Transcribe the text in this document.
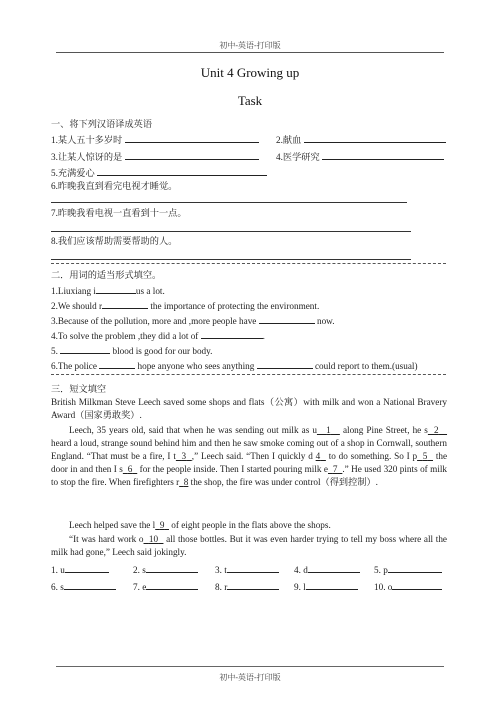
初中-英语-打印版
Unit 4 Growing up
Task
一、将下列汉语译成英语
1.某人五十多岁时	2.献血
3.让某人惊讶的是	4.医学研究
5.充满爱心
6.昨晚我直到看完电视才睡觉。
7.昨晚我看电视一直看到十一点。
8.我们应该帮助需要帮助的人。
二．用词的适当形式填空。
1.Liuxiang i	us a lot.
2.We should r	the importance of protecting the environment.
3.Because of the pollution, more and ,more people have	now.
4.To solve the problem ,they did a lot of	.
5.	blood is good for our body.
6.The police	hope anyone who sees anything	could report to them.(usual)
三．短文填空
British Milkman Steve Leech saved some shops and flats（公寓）with milk and won a National Bravery Award（国家勇敢奖）.
Leech, 35 years old, said that when he was sending out milk as u 1 along Pine Street, he s 2    heard a loud, strange sound behind him and then he saw smoke coming out of a shop in Cornwall, southern England. “That must be a fire, I t 3 ,” Leech said. “Then I quickly d 4 to do something. So I p 5 the door in and then I s 6 for the people inside. Then I started pouring milk e 7 .” He used 320 pints of milk to stop the fire. When firefighters r 8 the shop, the fire was under control（得到控制）.
Leech helped save the l 9 of eight people in the flats above the shops.
“It was hard work o 10 all those bottles. But it was even harder trying to tell my boss where all the milk had gone,” Leech said jokingly.
1. u	2. s	3. t	4. d	5. p
6. s	7. e	8. r	9. l	10. o
初中-英语-打印版
